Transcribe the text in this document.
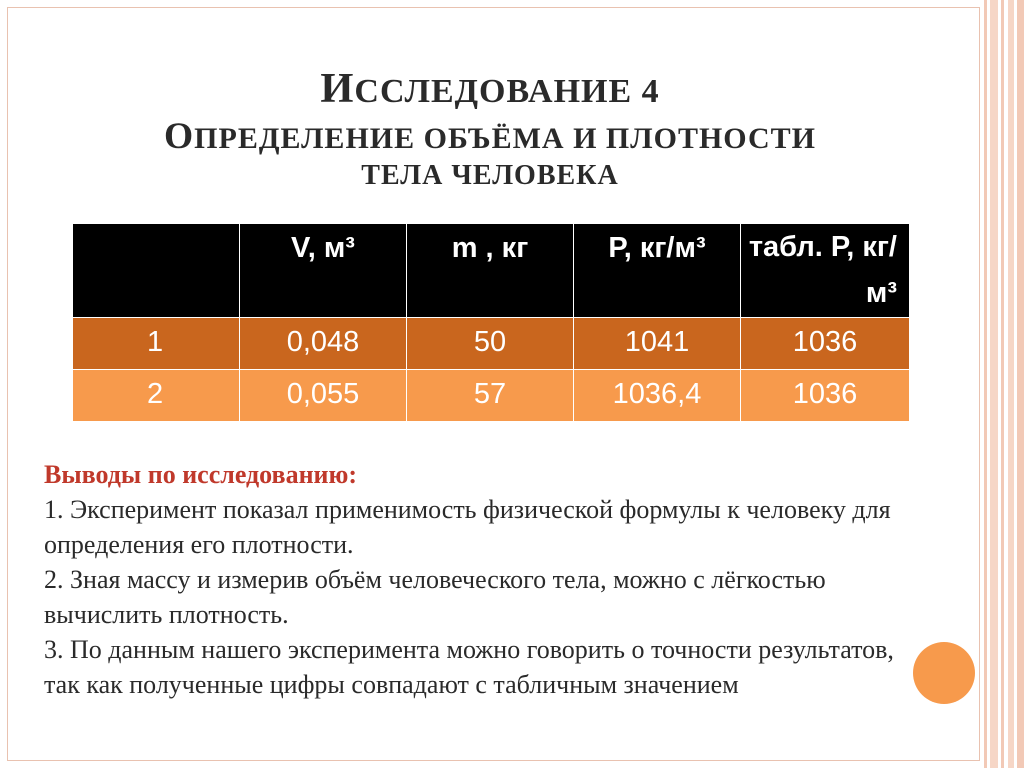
ИССЛЕДОВАНИЕ 4
ОПРЕДЕЛЕНИЕ ОБЪЁМА И ПЛОТНОСТИ
ТЕЛА ЧЕЛОВЕКА
	V, м³	m , кг	Р, кг/м³	табл. Р, кг/м³
1	0,048	50	1041	1036
2	0,055	57	1036,4	1036

Выводы по исследованию:

1. Эксперимент показал применимость физической формулы к человеку для определения его плотности.

2. Зная массу и измерив объём человеческого тела, можно с лёгкостью вычислить плотность.

3. По данным нашего эксперимента можно говорить о точности результатов, так как полученные цифры совпадают с табличным значением
